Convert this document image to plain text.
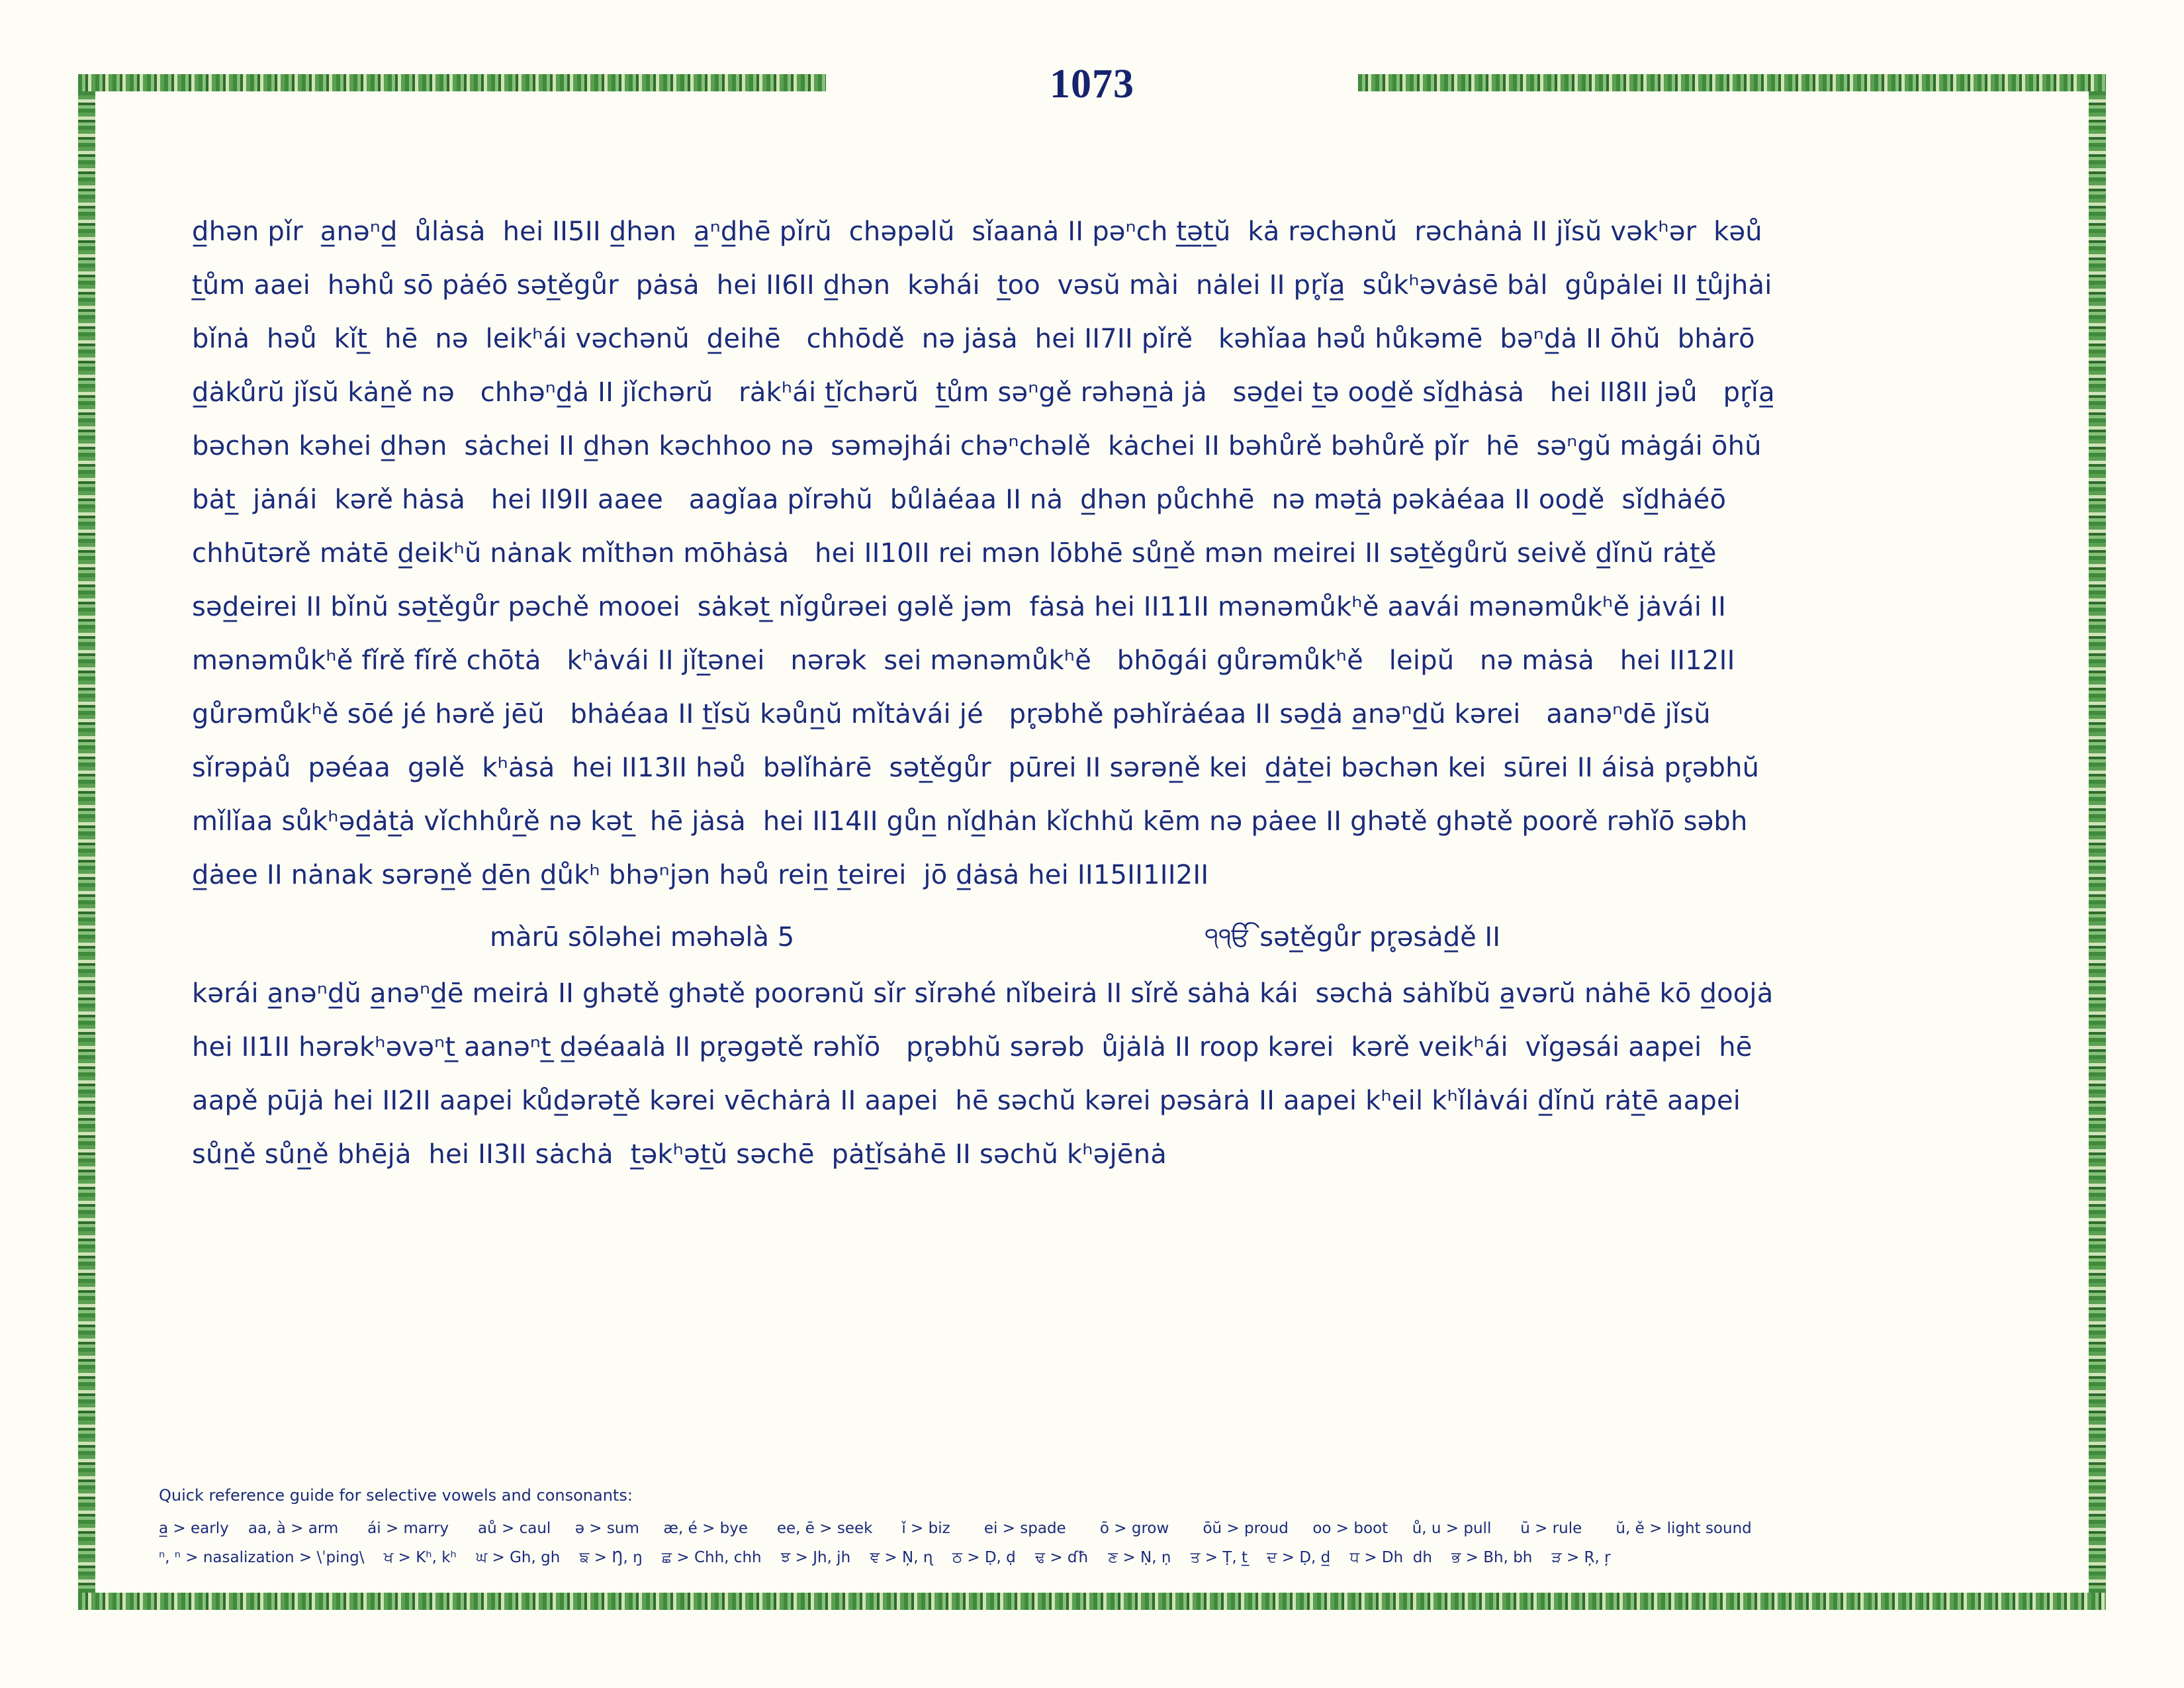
1073
d̲hən pǐr  a̲nəⁿd̲  ůlȧsȧ  hei II5II d̲hən  a̲ⁿd̲hē pǐrŭ  chəpəlŭ  sǐaanȧ II pəⁿch t̲ə̲t̲ŭ  kȧ rəchənŭ  rəchȧnȧ II jǐsŭ vəkʰər  kəů
t̲ům aaei  həhů sō pȧéō sət̲ěgůr  pȧsȧ  hei II6II d̲hən  kəhái  t̲oo  vəsŭ mài  nȧlei II pr̥ǐa̲  sůkʰəvȧsē bȧl  gůpȧlei II t̲ůjhȧi
bǐnȧ  həů  kǐt̲  hē  nə  leikʰái vəchənŭ  d̲eihē   chhōdě  nə jȧsȧ  hei II7II pǐrě   kəhǐaa həů hůkəmē  bəⁿd̲ȧ II ōhŭ  bhȧrō
d̲ȧkůrŭ jǐsŭ kȧn̲ě nə   chhəⁿd̲ȧ II jǐchərŭ   rȧkʰái t̲ǐchərŭ  t̲ům səⁿgě rəhən̲ȧ jȧ   səd̲ei t̲ə ood̲ě sǐd̲hȧsȧ   hei II8II jəů   pr̥ǐa̲
bəchən kəhei d̲hən  sȧchei II d̲hən kəchhoo nə  səməjhái chəⁿchəlě  kȧchei II bəhůrě bəhůrě pǐr  hē  səⁿgŭ mȧgái ōhŭ
bȧt̲  jȧnái  kərě hȧsȧ   hei II9II aaee   aagǐaa pǐrəhŭ  bůlȧéaa II nȧ  d̲hən půchhē  nə mət̲ȧ pəkȧéaa II ood̲ě  sǐd̲hȧéō
chhūtərě mȧtē d̲eikʰŭ nȧnak mǐthən mōhȧsȧ   hei II10II rei mən lōbhē sůn̲ě mən meirei II sət̲ěgůrŭ seivě d̲ǐnŭ rȧt̲ě
səd̲eirei II bǐnŭ sət̲ěgůr pəchě mooei  sȧkət̲ nǐgůrəei gəlě jəm  fȧsȧ hei II11II mənəmůkʰě aavái mənəmůkʰě jȧvái II
mənəmůkʰě fǐrě fǐrě chōtȧ   kʰȧvái II jǐt̲ənei   nərək  sei mənəmůkʰě   bhōgái gůrəmůkʰě   leipŭ   nə mȧsȧ   hei II12II
gůrəmůkʰě sōé jé hərě jēŭ   bhȧéaa II t̲ǐsŭ kəůn̲ŭ mǐtȧvái jé   pr̥əbhě pəhǐrȧéaa II səd̲ȧ a̲nəⁿd̲ŭ kərei   aanəⁿdē jǐsŭ
sǐrəpȧů  pəéaa  gəlě  kʰȧsȧ  hei II13II həů  bəlǐhȧrē  sət̲ěgůr  pūrei II sərən̲ě kei  d̲ȧt̲ei bəchən kei  sūrei II áisȧ pr̥əbhŭ
mǐlǐaa sůkʰəd̲ȧt̲ȧ vǐchhůr̲ě nə kət̲  hē jȧsȧ  hei II14II gůn̲ nǐd̲hȧn kǐchhŭ kēm nə pȧee II ghətě ghətě poorě rəhǐō səbh
d̲ȧee II nȧnak sərən̲ě d̲ēn d̲ůkʰ bhəⁿjən həů rein̲ t̲eirei  jō d̲ȧsȧ hei II15II1II2II
màrū sōləhei məhəlà 5	੧ੴ sət̲ěgůr pr̥əsȧd̲ě II
kərái a̲nəⁿd̲ŭ a̲nəⁿd̲ē meirȧ II ghətě ghətě poorənŭ sǐr sǐrəhé nǐbeirȧ II sǐrě sȧhȧ kái  səchȧ sȧhǐbŭ a̲vərŭ nȧhē kō d̲oojȧ
hei II1II hərəkʰəvəⁿt̲ aanəⁿt̲ d̲əéaalȧ II pr̥əgətě rəhǐō   pr̥əbhŭ sərəb  ůjȧlȧ II roop kərei  kərě veikʰái  vǐgəsái aapei  hē
aapě pūjȧ hei II2II aapei kůd̲ərət̲ě kərei vēchȧrȧ II aapei  hē səchŭ kərei pəsȧrȧ II aapei kʰeil kʰǐlȧvái d̲ǐnŭ rȧt̲ē aapei
sůn̲ě sůn̲ě bhējȧ  hei II3II sȧchȧ  t̲əkʰət̲ŭ səchē  pȧt̲ǐsȧhē II səchŭ kʰəjēnȧ
Quick reference guide for selective vowels and consonants:
a̲ > early    aa, à > arm      ái > marry      aů > caul     ə > sum     æ, é > bye      ee, ē > seek      ǐ > biz       ei > spade       ō > grow       ōŭ > proud     oo > boot     ů, u > pull      ū > rule       ŭ, ě > light sound
ⁿ, ⁿ > nasalization > \ˈping\    ਖ > Kʰ, kʰ    ਘ > Gh, gh    ਙ > Ŋ, ŋ    ਛ > Chh, chh    ਝ > Jh, jh    ਞ > Ņ, ɳ    ਠ > Ḍ, ḍ    ਢ > ɗħ    ਣ > Ṇ, ṇ    ਤ > Ṭ, t̲    ਦ > Ḍ, d̲    ਧ > Dh  dh    ਭ > Bh, bh    ੜ > Ŗ, ŗ
